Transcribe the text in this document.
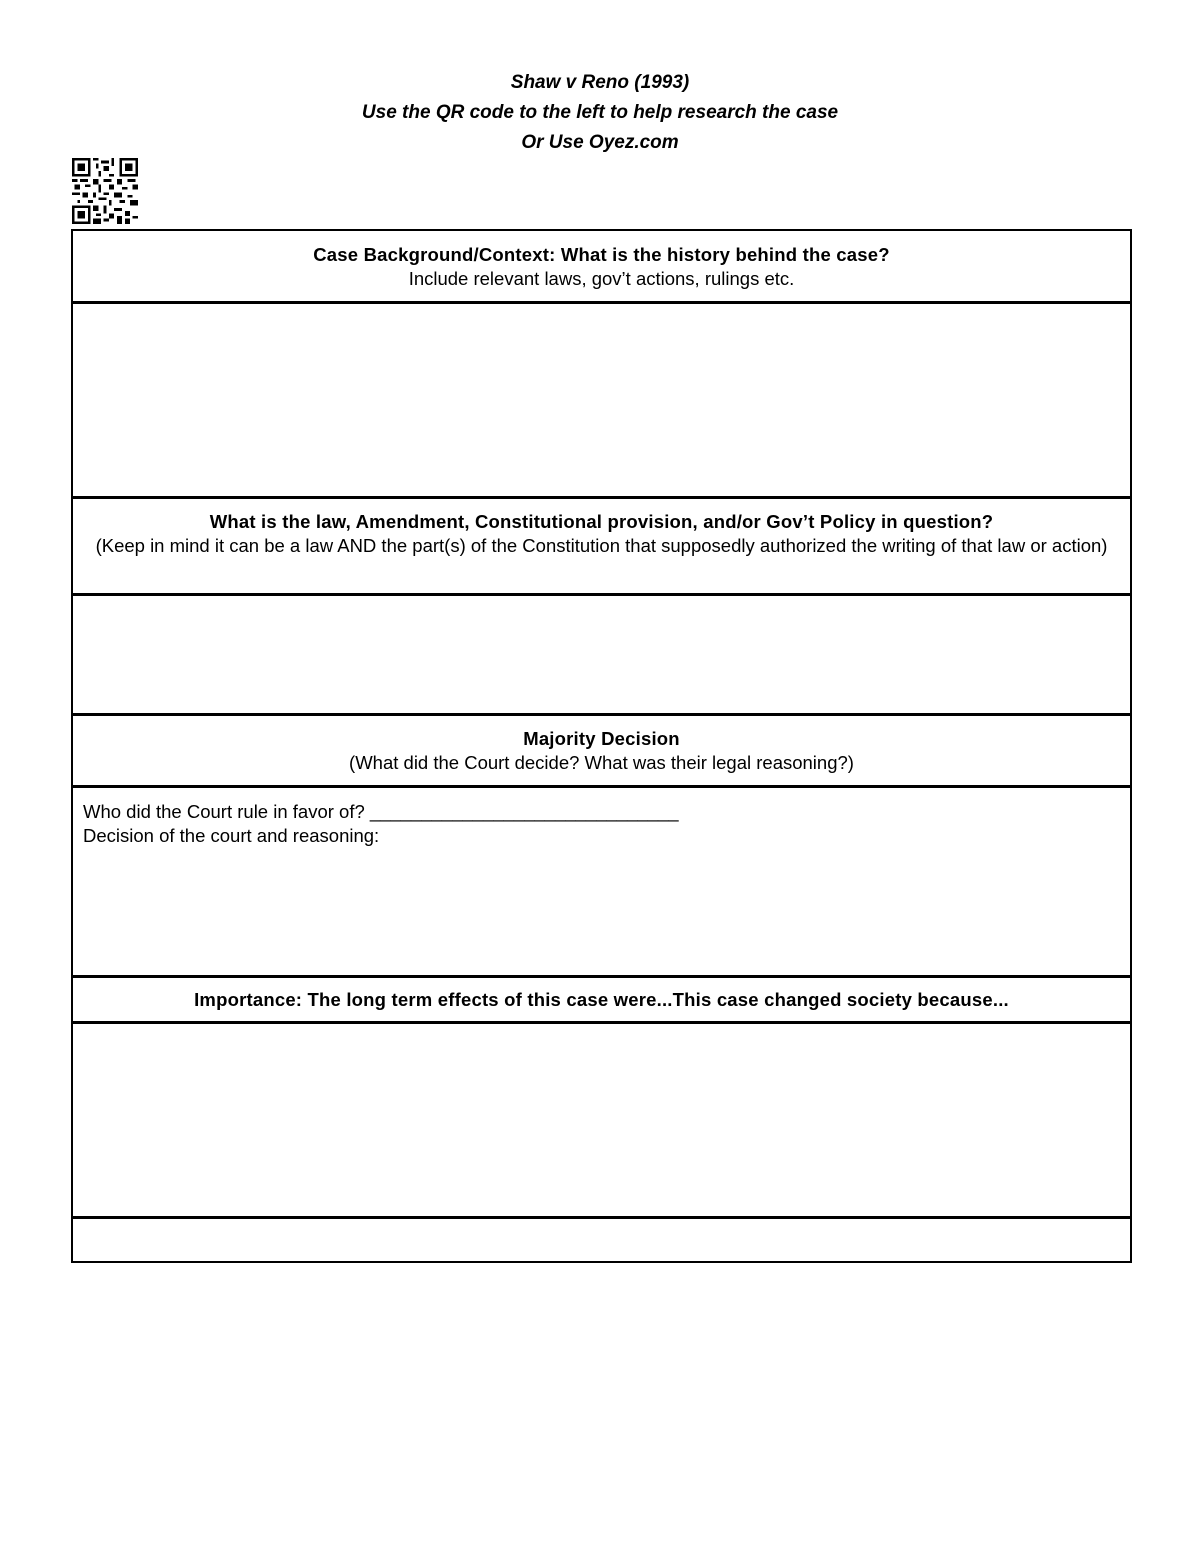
Shaw v Reno (1993)
Use the QR code to the left to help research the case
Or Use Oyez.com
Case Background/Context: What is the history behind the case?
Include relevant laws, gov’t actions, rulings etc.
What is the law, Amendment, Constitutional provision, and/or Gov’t Policy in question?
(Keep in mind it can be a law AND the part(s) of the Constitution that supposedly authorized the writing of that law or action)
Majority Decision
(What did the Court decide? What was their legal reasoning?)
Who did the Court rule in favor of? ______________________________
Decision of the court and reasoning:
Importance: The long term effects of this case were...This case changed society because...
